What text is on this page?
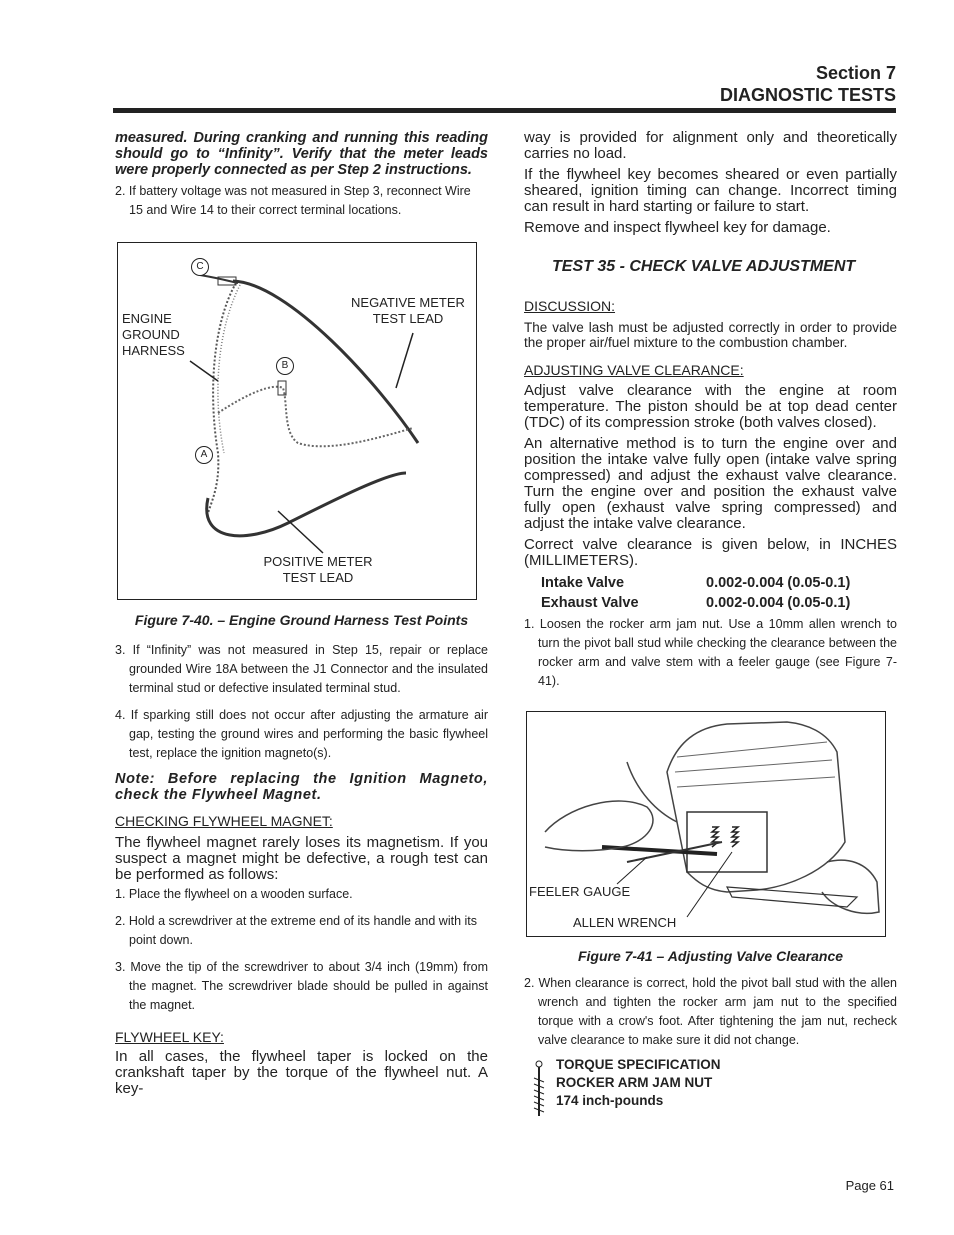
Section 7
DIAGNOSTIC TESTS

measured. During cranking and running this reading should go to “Infinity”. Verify that the meter leads were properly connected as per Step 2 instructions.

2. If battery voltage was not measured in Step 3, reconnect Wire 15 and Wire 14 to their correct terminal locations.

C
B
A
ENGINE GROUND HARNESS
NEGATIVE METER TEST LEAD
POSITIVE METER TEST LEAD

Figure 7-40. – Engine Ground Harness Test Points

3. If “Infinity” was not measured in Step 15, repair or replace grounded Wire 18A between the J1 Connector and the insulated terminal stud or defective insulated terminal stud.

4. If sparking still does not occur after adjusting the armature air gap, testing the ground wires and performing the basic flywheel test, replace the ignition magneto(s).

Note: Before replacing the Ignition Magneto, check the Flywheel Magnet.

CHECKING FLYWHEEL MAGNET:

The flywheel magnet rarely loses its magnetism. If you suspect a magnet might be defective, a rough test can be performed as follows:

1. Place the flywheel on a wooden surface.

2. Hold a screwdriver at the extreme end of its handle and with its point down.

3. Move the tip of the screwdriver to about 3/4 inch (19mm) from the magnet. The screwdriver blade should be pulled in against the magnet.

FLYWHEEL KEY:

In all cases, the flywheel taper is locked on the crankshaft taper by the torque of the flywheel nut. A key-

way is provided for alignment only and theoretically carries no load.

If the flywheel key becomes sheared or even partially sheared, ignition timing can change. Incorrect timing can result in hard starting or failure to start.

Remove and inspect flywheel key for damage.

TEST 35 - CHECK VALVE ADJUSTMENT

DISCUSSION:

The valve lash must be adjusted correctly in order to provide the proper air/fuel mixture to the combustion chamber.

ADJUSTING VALVE CLEARANCE:

Adjust valve clearance with the engine at room temperature. The piston should be at top dead center (TDC) of its compression stroke (both valves closed).

An alternative method is to turn the engine over and position the intake valve fully open (intake valve spring compressed) and adjust the exhaust valve clearance. Turn the engine over and position the exhaust valve fully open (exhaust valve spring compressed) and adjust the intake valve clearance.

Correct valve clearance is given below, in INCHES (MILLIMETERS).

Intake Valve	0.002-0.004 (0.05-0.1)
Exhaust Valve	0.002-0.004 (0.05-0.1)

1. Loosen the rocker arm jam nut. Use a 10mm allen wrench to turn the pivot ball stud while checking the clearance between the rocker arm and valve stem with a feeler gauge (see Figure 7-41).

FEELER GAUGE
ALLEN WRENCH

Figure 7-41 – Adjusting Valve Clearance

2. When clearance is correct, hold the pivot ball stud with the allen wrench and tighten the rocker arm jam nut to the specified torque with a crow's foot. After tightening the jam nut, recheck valve clearance to make sure it did not change.

TORQUE SPECIFICATION
ROCKER ARM JAM NUT
174 inch-pounds
Page 61
